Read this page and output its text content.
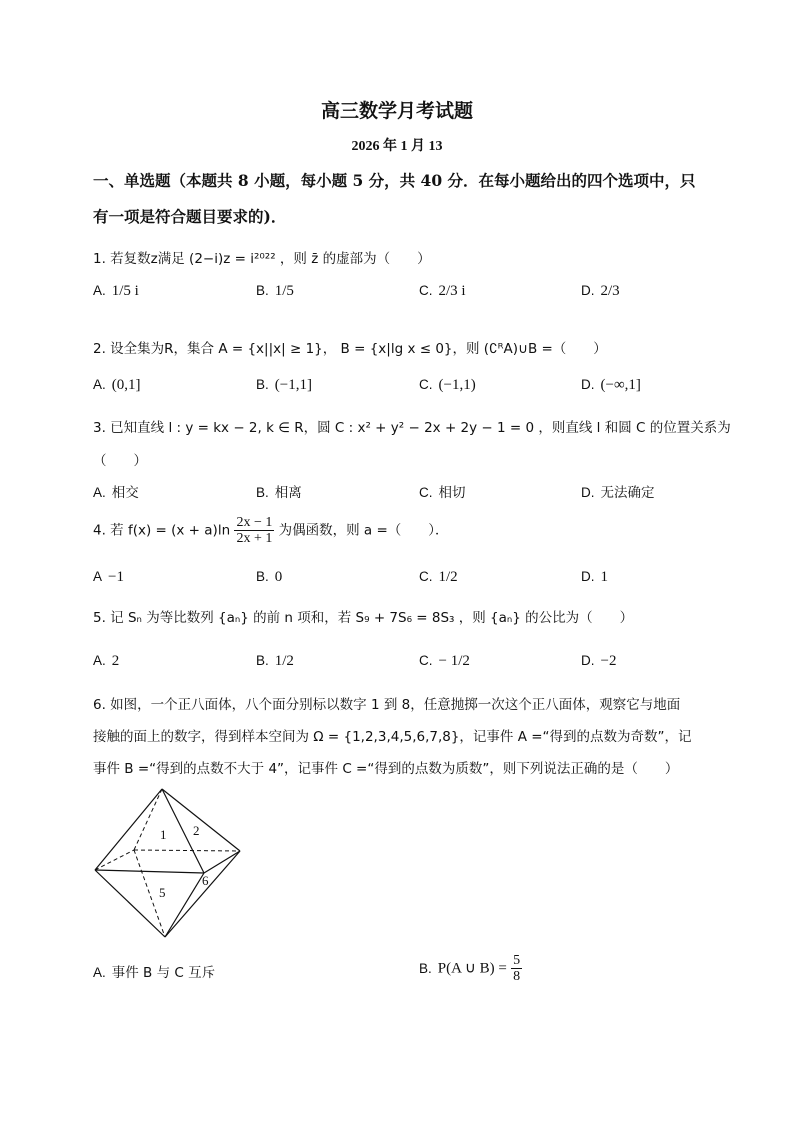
高三数学月考试题
2026 年 1 月 13
一、单选题（本题共 8 小题，每小题 5 分，共 40 分．在每小题给出的四个选项中，只
有一项是符合题目要求的)．
1. 若复数z满足 (2−i)z = i²⁰²² ，则 z̄ 的虚部为（　　）
A. 1/5 i	B. 1/5	C. 2/3 i	D. 2/3
2. 设全集为R，集合 A = {x||x| ≥ 1}， B = {x|lg x ≤ 0}，则 (∁ᴿA)∪B =（　　）
A. (0,1]	B. (−1,1]	C. (−1,1)	D. (−∞,1]
3. 已知直线 l : y = kx − 2, k ∈ R，圆 C : x² + y² − 2x + 2y − 1 = 0 ，则直线 l 和圆 C 的位置关系为
（　　）
A. 相交	B. 相离	C. 相切	D. 无法确定
4. 若 $f(x) = (x + a)\ln \frac{2x - 1}{2x + 1}$ 为偶函数，则 a =（　　）．
A −1	B. 0	C. 1/2	D. 1
5. 记 Sₙ 为等比数列 {aₙ} 的前 n 项和，若 S₉ + 7S₆ = 8S₃ ，则 {aₙ} 的公比为（　　）
A. 2	B. 1/2	C. − 1/2	D. −2
6. 如图，一个正八面体，八个面分别标以数字 1 到 8，任意抛掷一次这个正八面体，观察它与地面
接触的面上的数字，得到样本空间为 Ω = {1,2,3,4,5,6,7,8}，记事件 A =“得到的点数为奇数”，记
事件 B =“得到的点数不大于 4”，记事件 C =“得到的点数为质数”，则下列说法正确的是（　　）
1 2
5
6
A. 事件 B 与 C 互斥	B. P(A ∪ $B) = \frac{5}{8}$
